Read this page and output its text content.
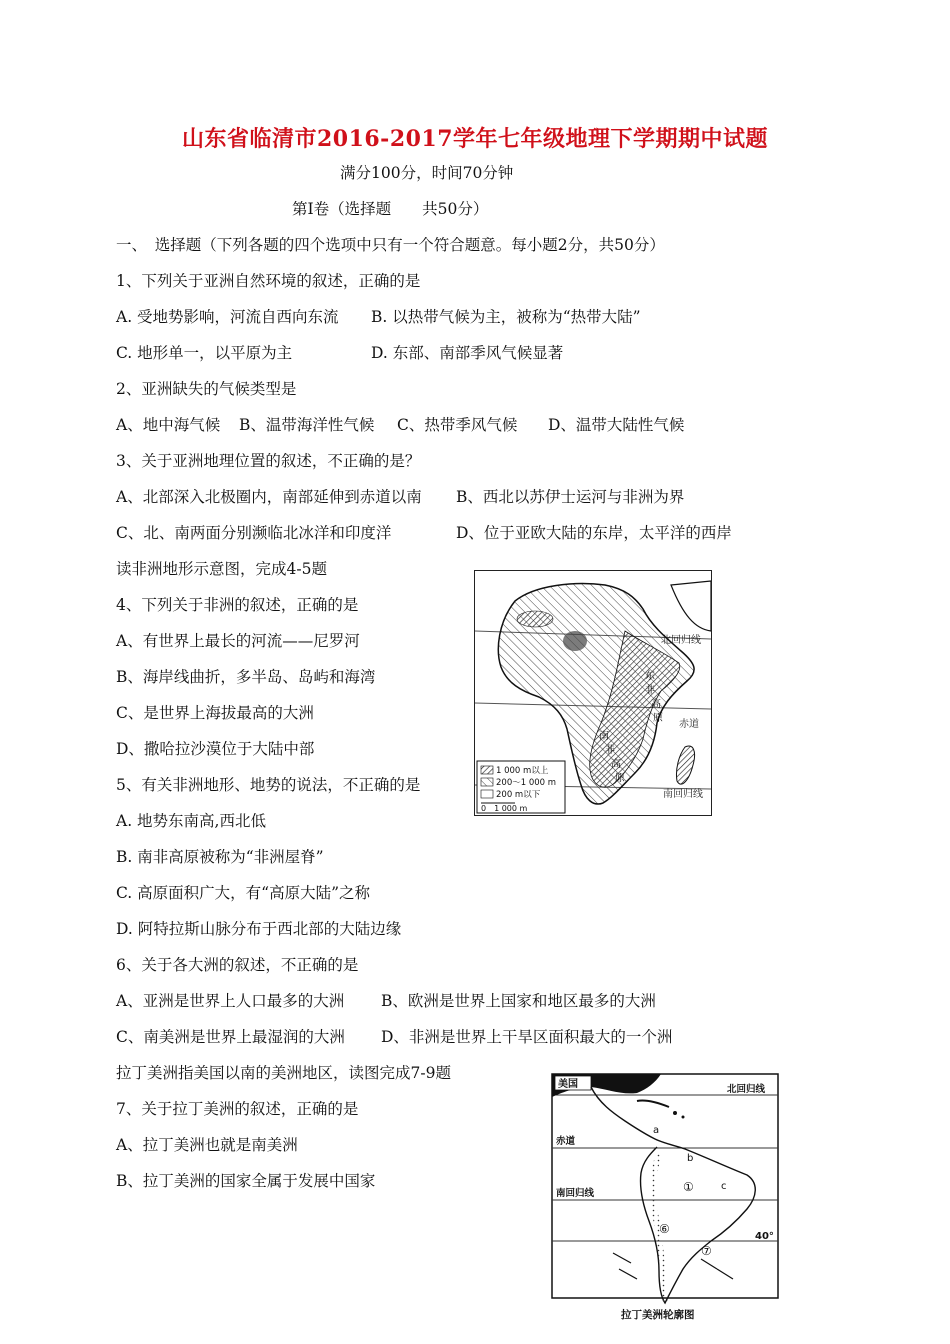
山东省临清市2016-2017学年七年级地理下学期期中试题
满分100分，时间70分钟
第Ⅰ卷（选择题　　共50分）
一、　选择题（下列各题的四个选项中只有一个符合题意。每小题2分，共50分）
1、下列关于亚洲自然环境的叙述，正确的是
A. 受地势影响，河流自西向东流 B. 以热带气候为主，被称为“热带大陆”
C. 地形单一，以平原为主	D. 东部、南部季风气候显著
2、亚洲缺失的气候类型是
A、地中海气候 B、温带海洋性气候 C、热带季风气候 D、温带大陆性气候
3、关于亚洲地理位置的叙述，不正确的是？
A、北部深入北极圈内，南部延伸到赤道以南 B、西北以苏伊士运河与非洲为界
C、北、南两面分别濒临北冰洋和印度洋	D、位于亚欧大陆的东岸，太平洋的西岸
读非洲地形示意图，完成4-5题
4、下列关于非洲的叙述，正确的是
A、有世界上最长的河流——尼罗河
B、海岸线曲折，多半岛、岛屿和海湾
C、是世界上海拔最高的大洲
D、撒哈拉沙漠位于大陆中部
5、有关非洲地形、地势的说法，不正确的是
A. 地势东南高,西北低
B. 南非高原被称为“非洲屋脊”
C. 高原面积广大，有“高原大陆”之称
D. 阿特拉斯山脉分布于西北部的大陆边缘
6、关于各大洲的叙述，不正确的是
A、亚洲是世界上人口最多的大洲 B、欧洲是世界上国家和地区最多的大洲
C、南美洲是世界上最湿润的大洲 D、非洲是世界上干旱区面积最大的一个洲
拉丁美洲指美国以南的美洲地区，读图完成7-9题
7、关于拉丁美洲的叙述，正确的是
A、拉丁美洲也就是南美洲
B、拉丁美洲的国家全属于发展中国家
北回归线
赤道
南回归线
东
非
高
原
南
非
高
原
1 000 m以上
200～1 000 m
200 m以下
0　1 000 m
美国	北回归线
赤道
南回归线
40°
a
b
c
①
⑥
⑦
拉丁美洲轮廓图
